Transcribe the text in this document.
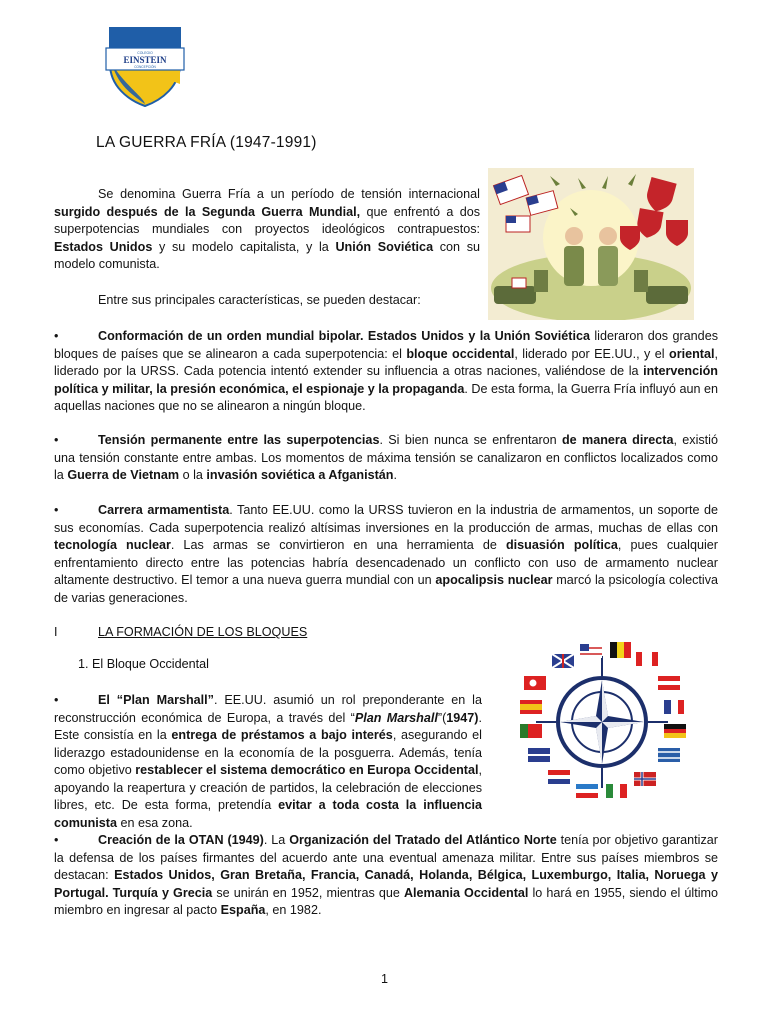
COLEGIO
EINSTEIN
CONCEPCIÓN
LA GUERRA FRÍA (1947-1991)
Se denomina Guerra Fría a un período de tensión internacional surgido después de la Segunda Guerra Mundial, que enfrentó a dos superpotencias mundiales con proyectos ideológicos contrapuestos: Estados Unidos y su modelo capitalista, y la Unión Soviética con su modelo comunista.
Entre sus principales características, se pueden destacar:
•	Conformación de un orden mundial bipolar. Estados Unidos y la Unión Soviética lideraron dos grandes bloques de países que se alinearon a cada superpotencia: el bloque occidental, liderado por EE.UU., y el oriental, liderado por la URSS. Cada potencia intentó extender su influencia a otras naciones, valiéndose de la intervención política y militar, la presión económica, el espionaje y la propaganda. De esta forma, la Guerra Fría influyó aun en aquellas naciones que no se alinearon a ningún bloque.
•	Tensión permanente entre las superpotencias. Si bien nunca se enfrentaron de manera directa, existió una tensión constante entre ambas. Los momentos de máxima tensión se canalizaron en conflictos localizados como la Guerra de Vietnam o la invasión soviética a Afganistán.
•	Carrera armamentista. Tanto EE.UU. como la URSS tuvieron en la industria de armamentos, un soporte de sus economías. Cada superpotencia realizó altísimas inversiones en la producción de armas, muchas de ellas con tecnología nuclear. Las armas se convirtieron en una herramienta de disuasión política, pues cualquier enfrentamiento directo entre las potencias habría desencadenado un conflicto con uso de armamento nuclear altamente destructivo. El temor a una nueva guerra mundial con un apocalipsis nuclear marcó la psicología colectiva de varias generaciones.
I	LA FORMACIÓN DE LOS BLOQUES
1. El Bloque Occidental
•	El “Plan Marshall”. EE.UU. asumió un rol preponderante en la reconstrucción económica de Europa, a través del “Plan Marshall”(1947). Este consistía en la entrega de préstamos a bajo interés, asegurando el liderazgo estadounidense en la economía de la posguerra. Además, tenía como objetivo restablecer el sistema democrático en Europa Occidental, apoyando la reapertura y creación de partidos, la celebración de elecciones libres, etc. De esta forma, pretendía evitar a toda costa la influencia comunista en esa zona.
•	Creación de la OTAN (1949). La Organización del Tratado del Atlántico Norte tenía por objetivo garantizar la defensa de los países firmantes del acuerdo ante una eventual amenaza militar. Entre sus países miembros se destacan: Estados Unidos, Gran Bretaña, Francia, Canadá, Holanda, Bélgica, Luxemburgo, Italia, Noruega y Portugal. Turquía y Grecia se unirán en 1952, mientras que Alemania Occidental lo hará en 1955, siendo el último miembro en ingresar al pacto España, en 1982.
1
